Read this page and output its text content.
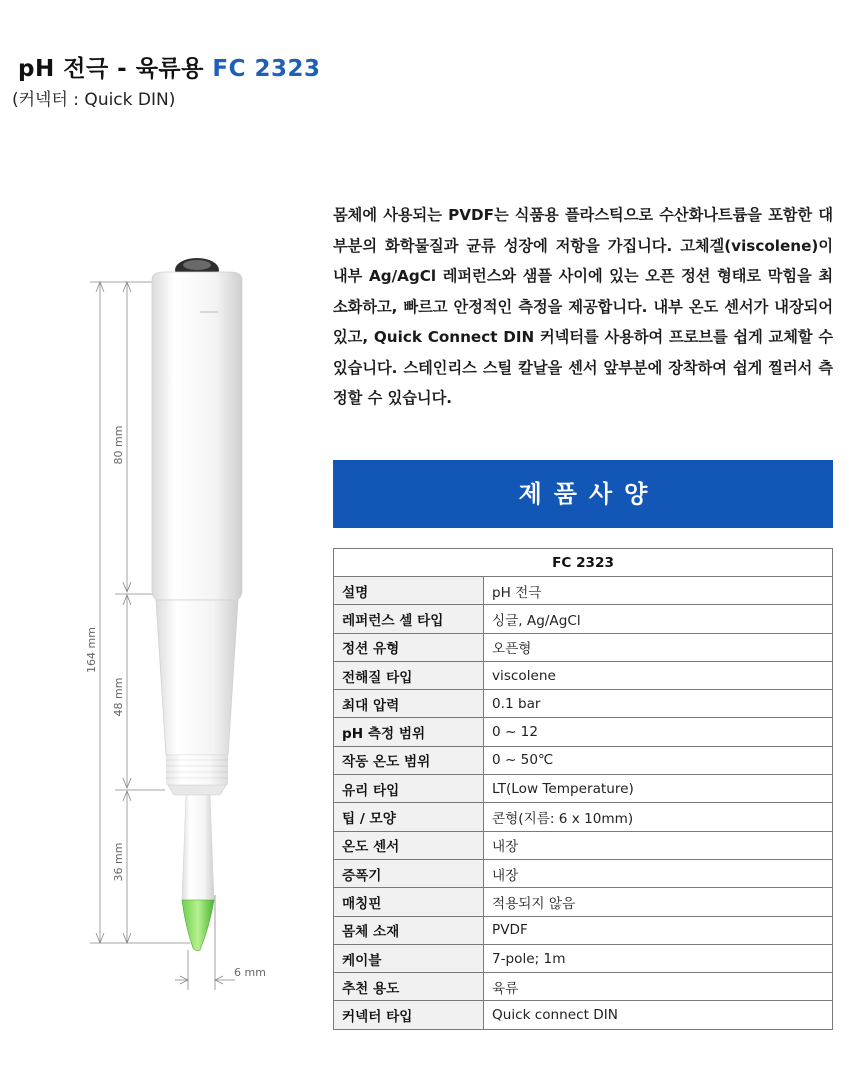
pH 전극 - 육류용 FC 2323
(커넥터 : Quick DIN)
164 mm
80 mm
48 mm
36 mm
6 mm
몸체에 사용되는 PVDF는 식품용 플라스틱으로 수산화나트륨을 포함한 대부분의 화학물질과 균류 성장에 저항을 가집니다. 고체겔(viscolene)이 내부 Ag/AgCl 레퍼런스와 샘플 사이에 있는 오픈 정션 형태로 막힘을 최소화하고, 빠르고 안정적인 측정을 제공합니다. 내부 온도 센서가 내장되어 있고, Quick Connect DIN 커넥터를 사용하여 프로브를 쉽게 교체할 수 있습니다. 스테인리스 스틸 칼날을 센서 앞부분에 장착하여 쉽게 찔러서 측정할 수 있습니다.
제품사양
FC 2323	
설명	pH 전극
레퍼런스 셀 타입	싱글, Ag/AgCl
정션 유형	오픈형
전해질 타입	viscolene
최대 압력	0.1 bar
pH 측정 범위	0 ~ 12
작동 온도 범위	0 ~ 50℃
유리 타입	LT(Low Temperature)
팁 / 모양	콘형(지름: 6 x 10mm)
온도 센서	내장
증폭기	내장
매칭핀	적용되지 않음
몸체 소재	PVDF
케이블	7-pole; 1m
추천 용도	육류
커넥터 타입	Quick connect DIN
